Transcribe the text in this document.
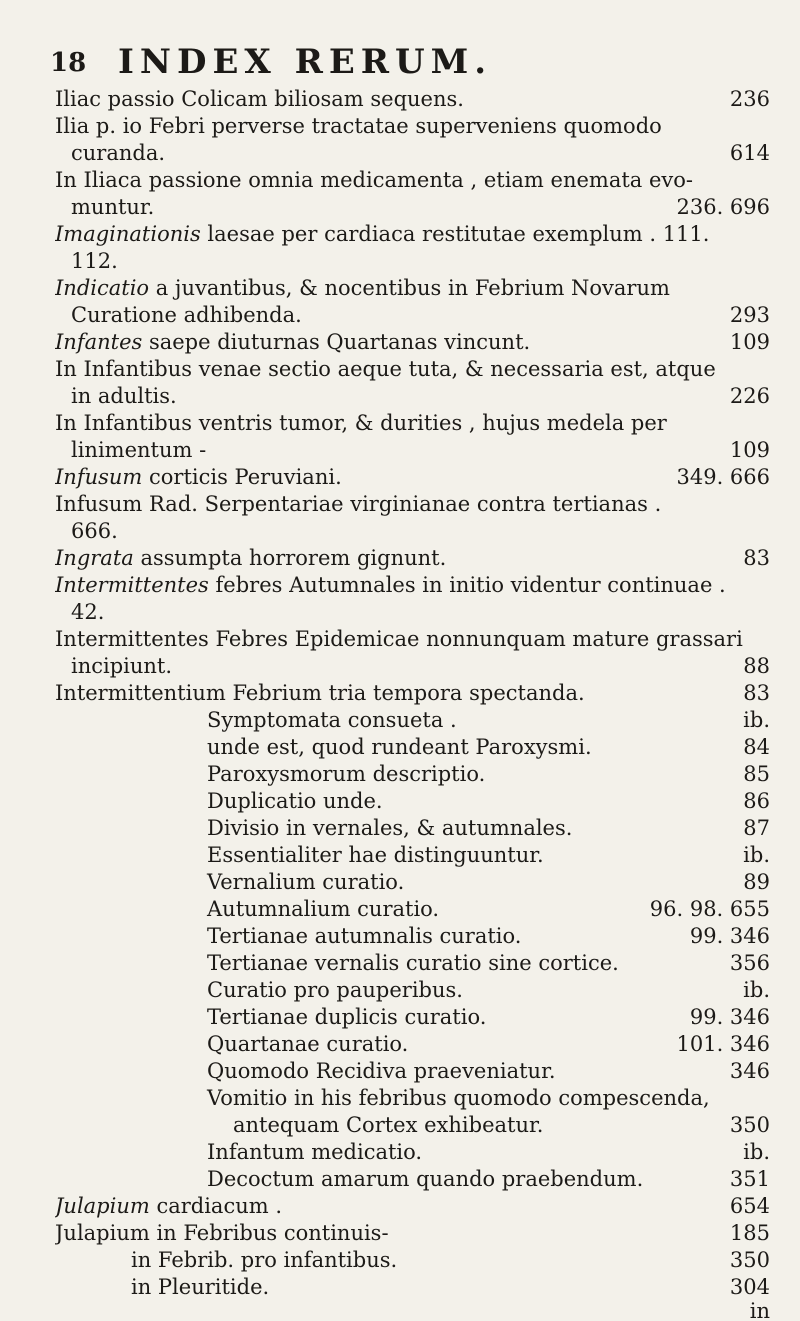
18 INDEX RERUM.
236
Iliac passio Colicam biliosam sequens.
Ilia p. io Febri perverse tractatae superveniens quomodo
614
curanda.
In Iliaca passione omnia medicamenta , etiam enemata evo-
236. 696
muntur.
Imaginationis laesae per cardiaca restitutae exemplum . 111.
112.
Indicatio a juvantibus, & nocentibus in Febrium Novarum
293
Curatione adhibenda.
109
Infantes saepe diuturnas Quartanas vincunt.
In Infantibus venae sectio aeque tuta, & necessaria est, atque
226
in adultis.
In Infantibus ventris tumor, & durities , hujus medela per
109
linimentum -
349. 666
Infusum corticis Peruviani.
Infusum Rad. Serpentariae virginianae contra tertianas .
666.
83
Ingrata assumpta horrorem gignunt.
Intermittentes febres Autumnales in initio videntur continuae .
42.
Intermittentes Febres Epidemicae nonnunquam mature grassari
88
incipiunt.
83
Intermittentium Febrium tria tempora spectanda.
ib.
Symptomata consueta .
84
unde est, quod rundeant Paroxysmi.
85
Paroxysmorum descriptio.
86
Duplicatio unde.
87
Divisio in vernales, & autumnales.
ib.
Essentialiter hae distinguuntur.
89
Vernalium curatio.
96. 98. 655
Autumnalium curatio.
99. 346
Tertianae autumnalis curatio.
356
Tertianae vernalis curatio sine cortice.
ib.
Curatio pro pauperibus.
99. 346
Tertianae duplicis curatio.
101. 346
Quartanae curatio.
346
Quomodo Recidiva praeveniatur.
Vomitio in his febribus quomodo compescenda,
350
antequam Cortex exhibeatur.
ib.
Infantum medicatio.
351
Decoctum amarum quando praebendum.
654
Julapium cardiacum .
185
Julapium in Febribus continuis-
350
in Febrib. pro infantibus.
304
in Pleuritide.
in
